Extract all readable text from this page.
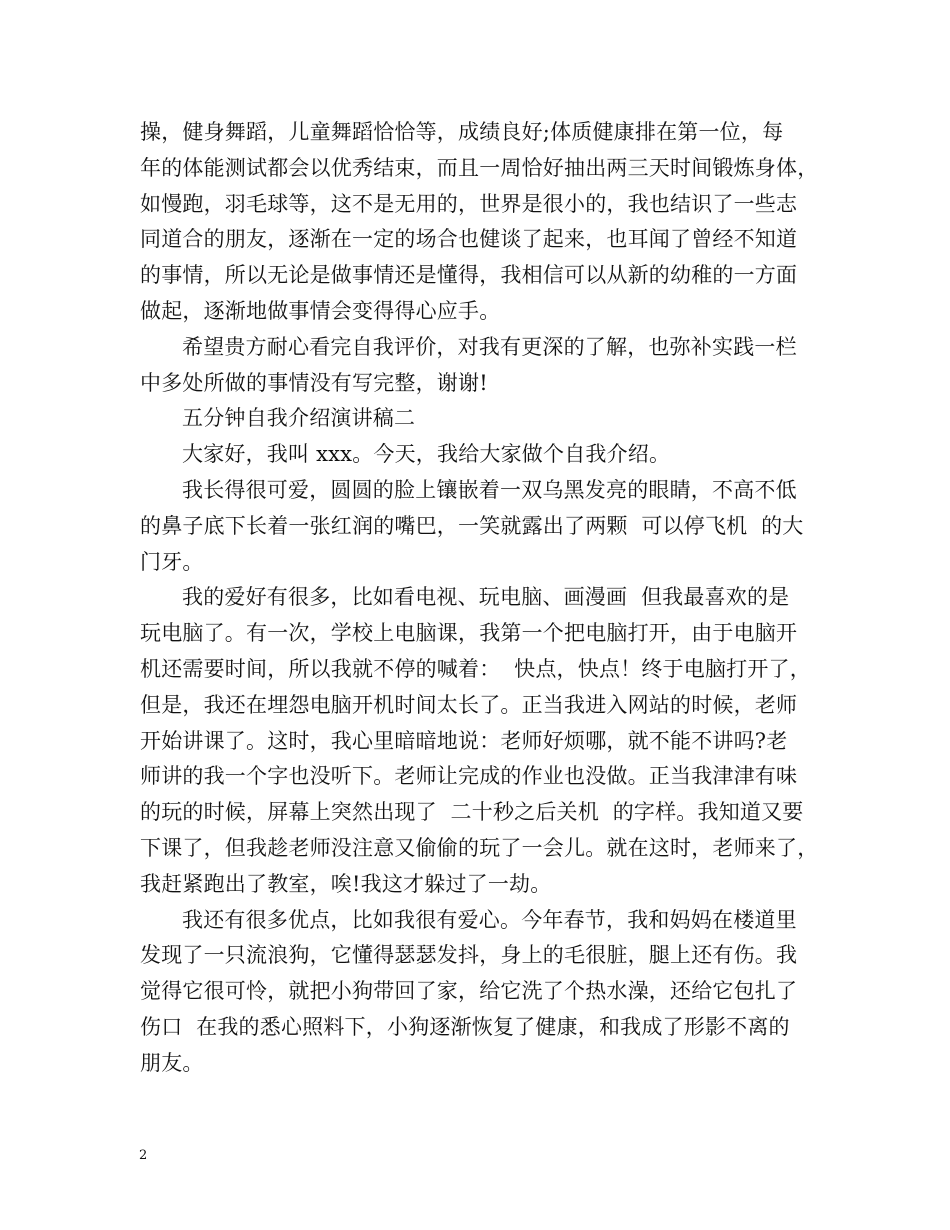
操，健身舞蹈，儿童舞蹈恰恰等，成绩良好;体质健康排在第一位，每
年的体能测试都会以优秀结束，而且一周恰好抽出两三天时间锻炼身体，
如慢跑，羽毛球等，这不是无用的，世界是很小的，我也结识了一些志
同道合的朋友，逐渐在一定的场合也健谈了起来，也耳闻了曾经不知道
的事情，所以无论是做事情还是懂得，我相信可以从新的幼稚的一方面
做起，逐渐地做事情会变得得心应手。
希望贵方耐心看完自我评价，对我有更深的了解，也弥补实践一栏
中多处所做的事情没有写完整，谢谢!
五分钟自我介绍演讲稿二
大家好，我叫 xxx。今天，我给大家做个自我介绍。
我长得很可爱，圆圆的脸上镶嵌着一双乌黑发亮的眼睛，不高不低
的鼻子底下长着一张红润的嘴巴，一笑就露出了两颗  可以停飞机  的大
门牙。
我的爱好有很多，比如看电视、玩电脑、画漫画  但我最喜欢的是
玩电脑了。有一次，学校上电脑课，我第一个把电脑打开，由于电脑开
机还需要时间，所以我就不停的喊着：  快点，快点！终于电脑打开了，
但是，我还在埋怨电脑开机时间太长了。正当我进入网站的时候，老师
开始讲课了。这时，我心里暗暗地说：老师好烦哪，就不能不讲吗?老
师讲的我一个字也没听下。老师让完成的作业也没做。正当我津津有味
的玩的时候，屏幕上突然出现了  二十秒之后关机  的字样。我知道又要
下课了，但我趁老师没注意又偷偷的玩了一会儿。就在这时，老师来了，
我赶紧跑出了教室，唉!我这才躲过了一劫。
我还有很多优点，比如我很有爱心。今年春节，我和妈妈在楼道里
发现了一只流浪狗，它懂得瑟瑟发抖，身上的毛很脏，腿上还有伤。我
觉得它很可怜，就把小狗带回了家，给它洗了个热水澡，还给它包扎了
伤口  在我的悉心照料下，小狗逐渐恢复了健康，和我成了形影不离的
朋友。
2
